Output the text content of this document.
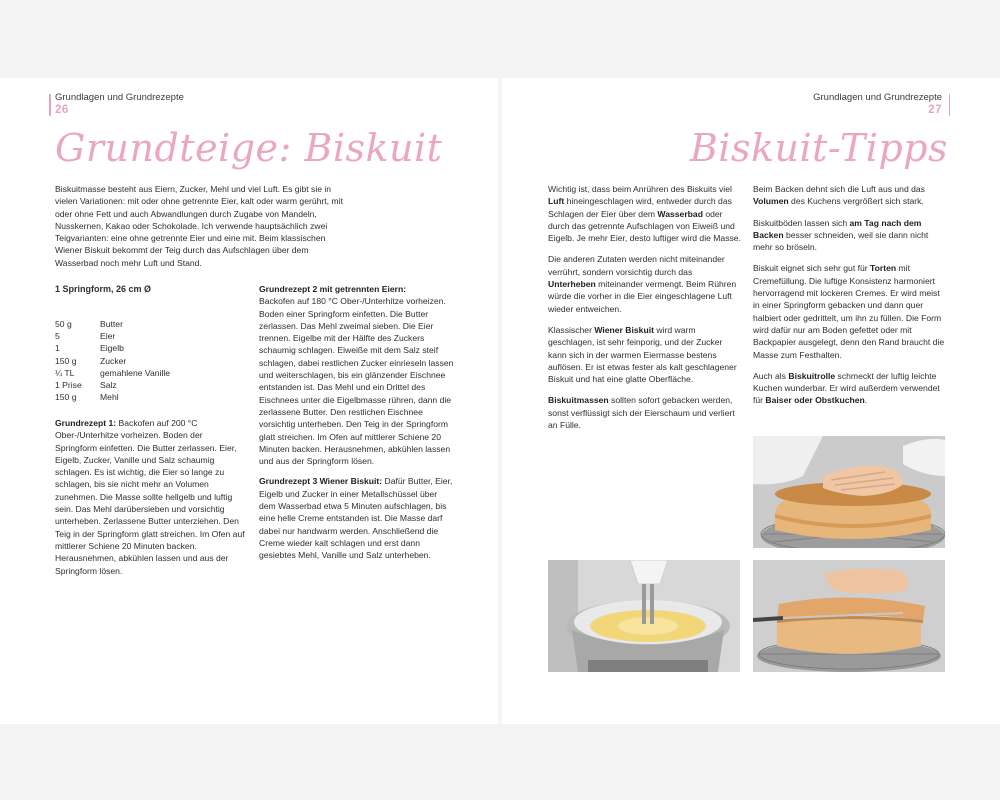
Grundlagen und Grundrezepte
26
Grundteige: Biskuit

Biskuitmasse besteht aus Eiern, Zucker, Mehl und viel Luft. Es gibt sie in vielen Variationen: mit oder ohne getrennte Eier, kalt oder warm gerührt, mit oder ohne Fett und auch Abwandlungen durch Zugabe von Mandeln, Nusskernen, Kakao oder Schokolade. Ich verwende hauptsächlich zwei Teigvarianten: eine ohne getrennte Eier und eine mit. Beim klassischen Wiener Biskuit bekommt der Teig durch das Aufschlagen über dem Wasserbad noch mehr Luft und Stand.

1 Springform, 26 cm Ø
50 g	Butter
5	Eier
1	Eigelb
150 g	Zucker
¼ TL	gemahlene Vanille
1 Prise	Salz
150 g	Mehl

Grundrezept 1: Backofen auf 200 °C Ober-/Unterhitze vorheizen. Boden der Springform einfetten. Die Butter zerlassen. Eier, Eigelb, Zucker, Vanille und Salz schaumig schlagen. Es ist wichtig, die Eier so lange zu schlagen, bis sie nicht mehr an Volumen zunehmen. Die Masse sollte hellgelb und luftig sein. Das Mehl darübersieben und vorsichtig unterheben. Zerlassene Butter unterziehen. Den Teig in der Springform glatt streichen. Im Ofen auf mittlerer Schiene 20 Minuten backen. Herausnehmen, abkühlen lassen und aus der Springform lösen.

Grundrezept 2 mit getrennten Eiern:

Backofen auf 180 °C Ober-/Unterhitze vorheizen. Boden einer Springform einfetten. Die Butter zerlassen. Das Mehl zweimal sieben. Die Eier trennen. Eigelbe mit der Hälfte des Zuckers schaumig schlagen. Eiweiße mit dem Salz steif schlagen, dabei restlichen Zucker einrieseln lassen und weiterschlagen, bis ein glänzender Eischnee entstanden ist. Das Mehl und ein Drittel des Eischnees unter die Eigelbmasse rühren, dann die zerlassene Butter. Den restlichen Eischnee vorsichtig unterheben. Den Teig in der Springform glatt streichen. Im Ofen auf mittlerer Schiene 20 Minuten backen. Herausnehmen, abkühlen lassen und aus der Springform lösen.

Grundrezept 3 Wiener Biskuit: Dafür Butter, Eier, Eigelb und Zucker in einer Metallschüssel über dem Wasserbad etwa 5 Minuten aufschlagen, bis eine helle Creme entstanden ist. Die Masse darf dabei nur handwarm werden. Anschließend die Creme wieder kalt schlagen und erst dann gesiebtes Mehl, Vanille und Salz unterheben.

Grundlagen und Grundrezepte
27
Biskuit-Tipps

Wichtig ist, dass beim Anrühren des Biskuits viel Luft hineingeschlagen wird, entweder durch das Schlagen der Eier über dem Wasserbad oder durch das getrennte Aufschlagen von Eiweiß und Eigelb. Je mehr Eier, desto luftiger wird die Masse.

Die anderen Zutaten werden nicht miteinander verrührt, sondern vorsichtig durch das Unterheben miteinander vermengt. Beim Rühren würde die vorher in die Eier eingeschlagene Luft wieder entweichen.

Klassischer Wiener Biskuit wird warm geschlagen, ist sehr feinporig, und der Zucker kann sich in der warmen Eiermasse bestens auflösen. Er ist etwas fester als kalt geschlagener Biskuit und hat eine glatte Oberfläche.

Biskuitmassen sollten sofort gebacken werden, sonst verflüssigt sich der Eierschaum und verliert an Fülle.

Beim Backen dehnt sich die Luft aus und das Volumen des Kuchens vergrößert sich stark.

Biskuitböden lassen sich am Tag nach dem Backen besser schneiden, weil sie dann nicht mehr so bröseln.

Biskuit eignet sich sehr gut für Torten mit Cremefüllung. Die luftige Konsistenz harmoniert hervorragend mit lockeren Cremes. Er wird meist in einer Springform gebacken und dann quer halbiert oder gedrittelt, um ihn zu füllen. Die Form wird dafür nur am Boden gefettet oder mit Backpapier ausgelegt, denn den Rand braucht die Masse zum Festhalten.

Auch als Biskuitrolle schmeckt der luftig leichte Kuchen wunderbar. Er wird außerdem verwendet für Baiser oder Obstkuchen.
